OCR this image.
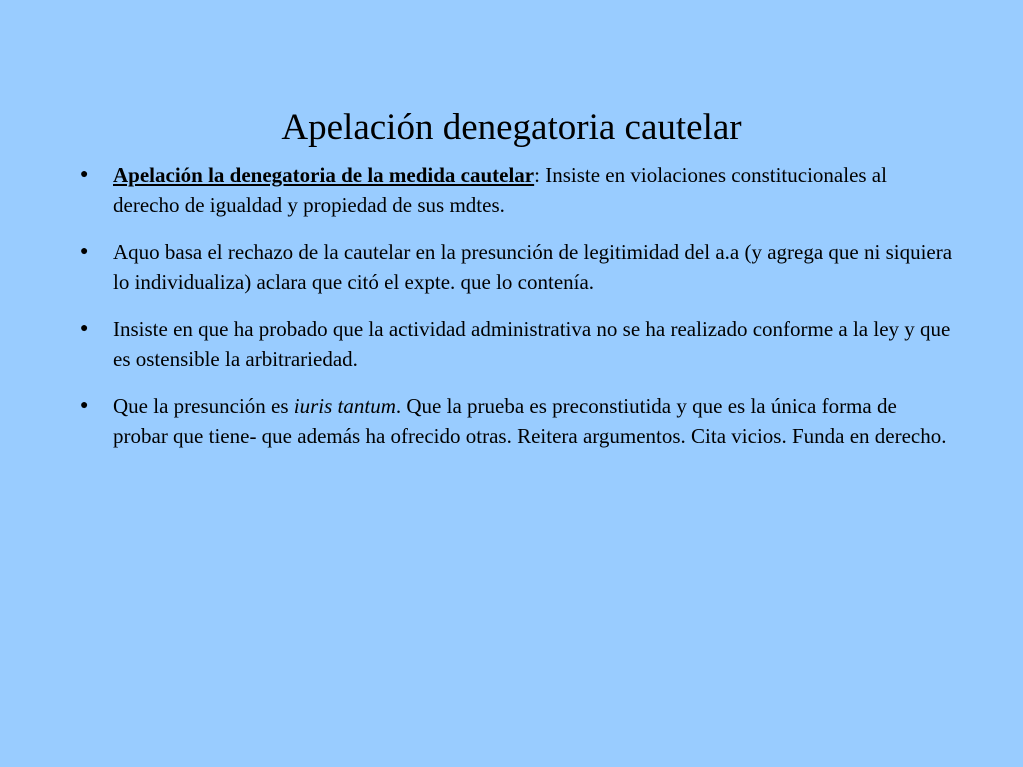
Apelación denegatoria cautelar
● Apelación la denegatoria de la medida cautelar: Insiste en violaciones constitucionales al derecho de igualdad y propiedad de sus mdtes.
● Aquo basa el rechazo de la cautelar en la presunción de legitimidad del a.a (y agrega que ni siquiera lo individualiza) aclara que citó el expte. que lo contenía.
● Insiste en que ha probado que la actividad administrativa no se ha realizado conforme a la ley y que es ostensible la arbitrariedad.
● Que la presunción es iuris tantum. Que la prueba es preconstiutida y que es la única forma de probar que tiene- que además ha ofrecido otras. Reitera argumentos. Cita vicios. Funda en derecho.
